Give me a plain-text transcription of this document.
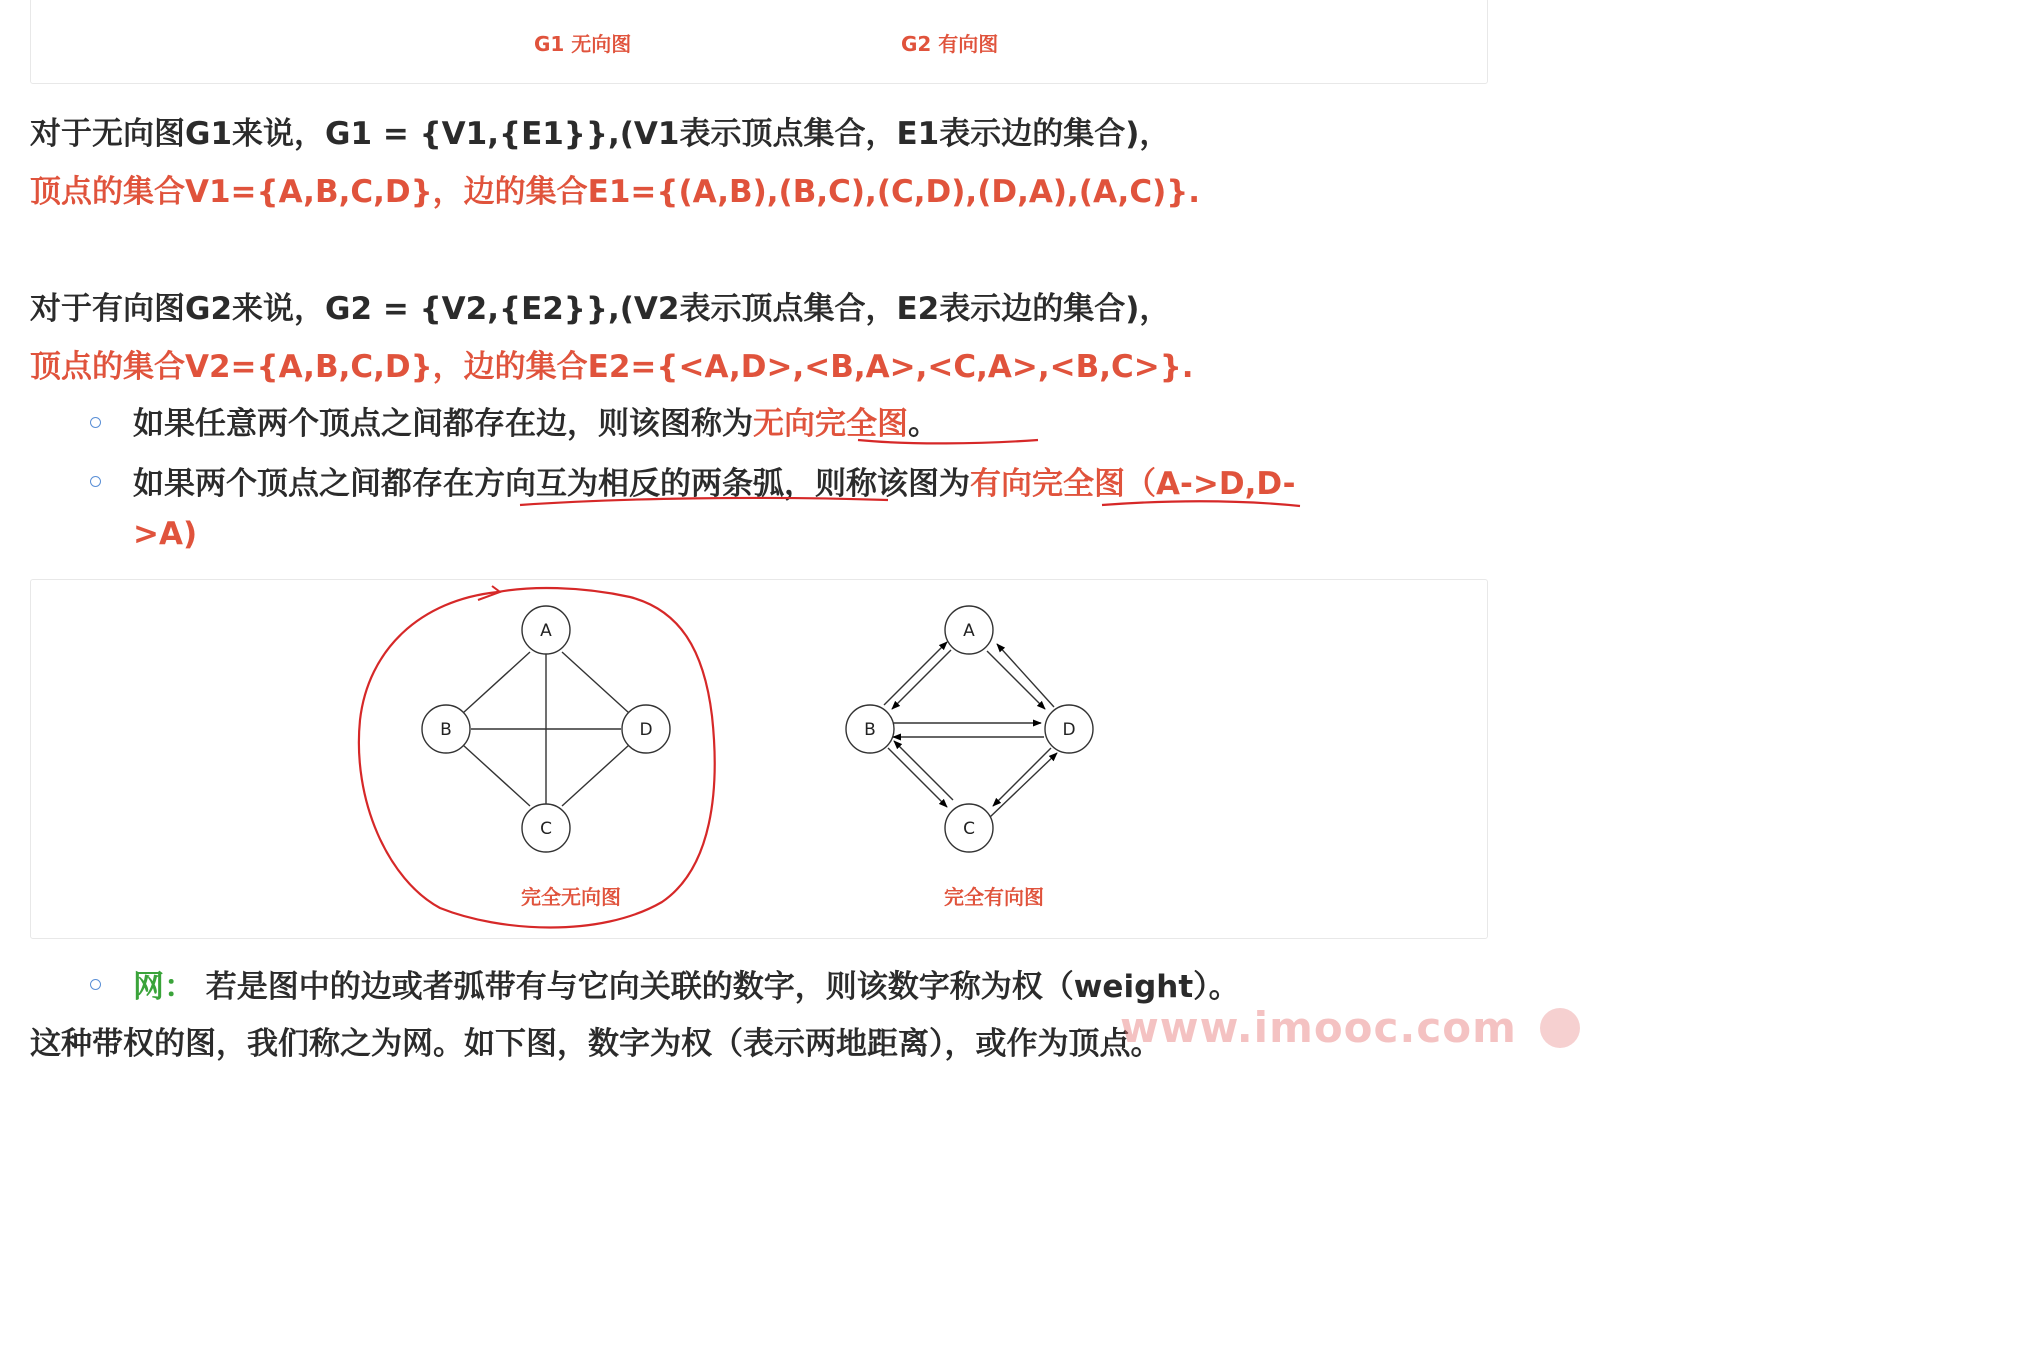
G1 无向图	G2 有向图
对于无向图G1来说，G1 = {V1,{E1}},(V1表示顶点集合，E1表示边的集合)，
顶点的集合V1={A,B,C,D}，边的集合E1={(A,B),(B,C),(C,D),(D,A),(A,C)}.
对于有向图G2来说，G2 = {V2,{E2}},(V2表示顶点集合，E2表示边的集合)，
顶点的集合V2={A,B,C,D}，边的集合E2={<A,D>,<B,A>,<C,A>,<B,C>}.
如果任意两个顶点之间都存在边，则该图称为无向完全图。
如果两个顶点之间都存在方向互为相反的两条弧，则称该图为有向完全图（A->D,D-
>A)
A
B	D
C
完全无向图
A
B	D
C
完全有向图
网： 若是图中的边或者弧带有与它向关联的数字，则该数字称为权（weight）。
这种带权的图，我们称之为网。如下图，数字为权（表示两地距离），或作为顶点。
www.imooc.com
